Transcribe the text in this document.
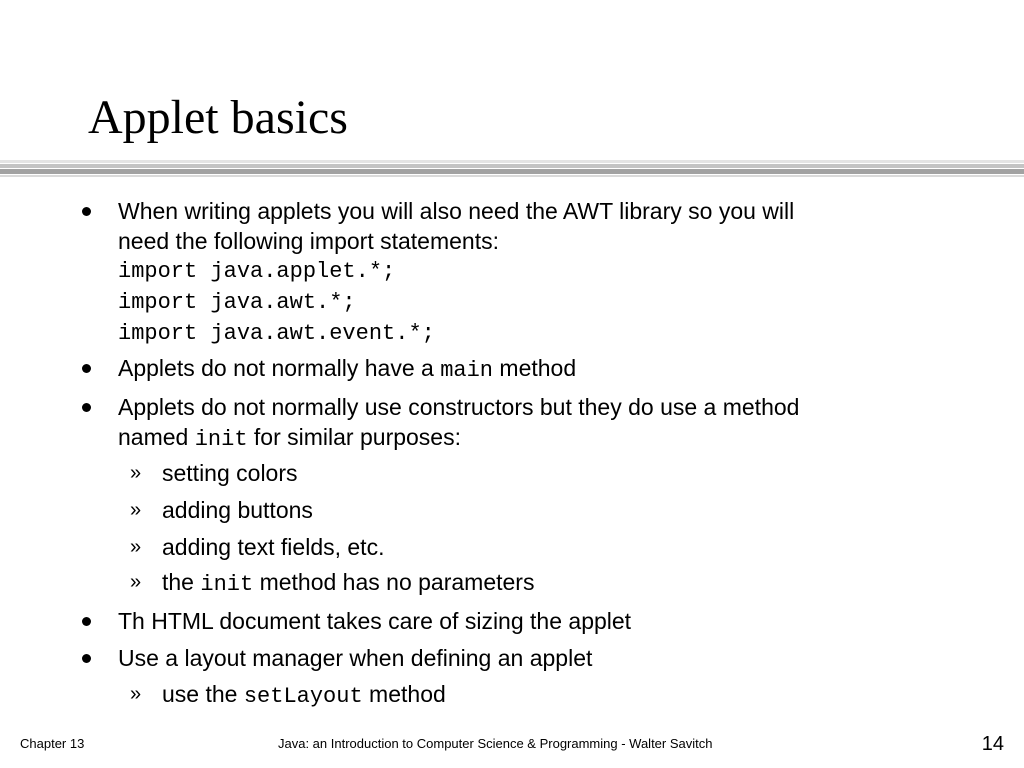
Applet basics
When writing applets you will also need the AWT library so you will
need the following import statements:
import java.applet.*;
import java.awt.*;
import java.awt.event.*;
Applets do not normally have a main method
Applets do not normally use constructors but they do use a method
named init for similar purposes:
» setting colors
» adding buttons
» adding text fields, etc.
» the init method has no parameters
Th HTML document takes care of sizing the applet
Use a layout manager when defining an applet
» use the setLayout method
Chapter 13	Java: an Introduction to Computer Science & Programming - Walter Savitch	14
